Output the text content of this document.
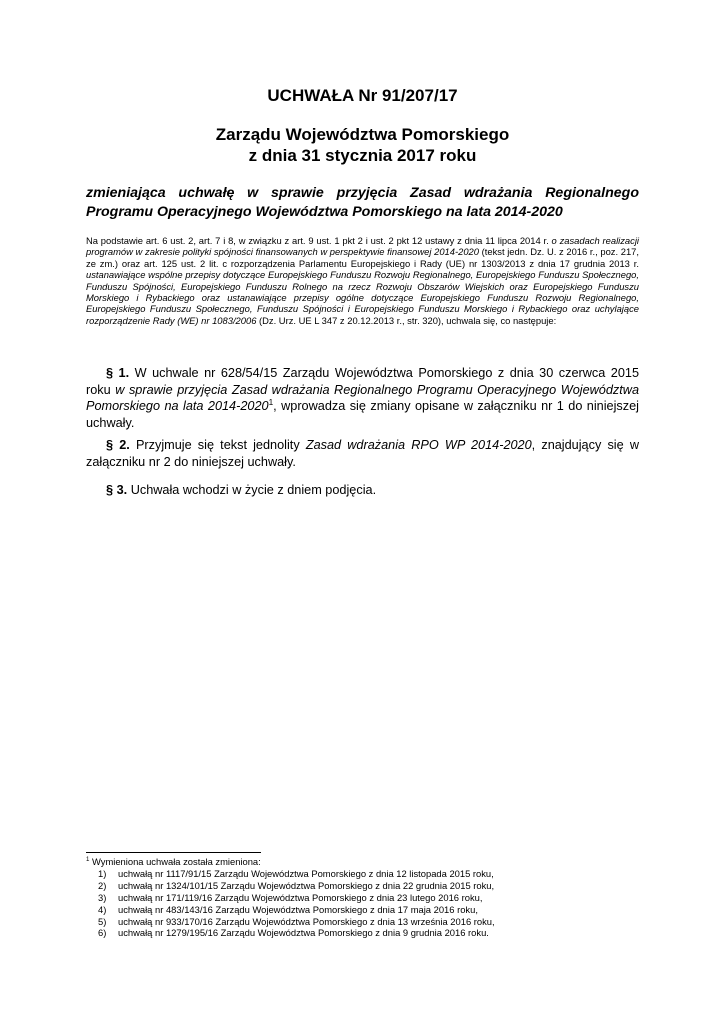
UCHWAŁA Nr 91/207/17
Zarządu Województwa Pomorskiego
z dnia 31 stycznia 2017 roku

zmieniająca uchwałę w sprawie przyjęcia Zasad wdrażania Regionalnego Programu Operacyjnego Województwa Pomorskiego na lata 2014-2020

Na podstawie art. 6 ust. 2, art. 7 i 8, w związku z art. 9 ust. 1 pkt 2 i ust. 2 pkt 12 ustawy z dnia 11 lipca 2014 r. o zasadach realizacji programów w zakresie polityki spójności finansowanych w perspektywie finansowej 2014-2020 (tekst jedn. Dz. U. z 2016 r., poz. 217, ze zm.) oraz art. 125 ust. 2 lit. c rozporządzenia Parlamentu Europejskiego i Rady (UE) nr 1303/2013 z dnia 17 grudnia 2013 r. ustanawiające wspólne przepisy dotyczące Europejskiego Funduszu Rozwoju Regionalnego, Europejskiego Funduszu Społecznego, Funduszu Spójności, Europejskiego Funduszu Rolnego na rzecz Rozwoju Obszarów Wiejskich oraz Europejskiego Funduszu Morskiego i Rybackiego oraz ustanawiające przepisy ogólne dotyczące Europejskiego Funduszu Rozwoju Regionalnego, Europejskiego Funduszu Społecznego, Funduszu Spójności i Europejskiego Funduszu Morskiego i Rybackiego oraz uchylające rozporządzenie Rady (WE) nr 1083/2006 (Dz. Urz. UE L 347 z 20.12.2013 r., str. 320), uchwala się, co następuje:

§ 1. W uchwale nr 628/54/15 Zarządu Województwa Pomorskiego z dnia 30 czerwca 2015 roku w sprawie przyjęcia Zasad wdrażania Regionalnego Programu Operacyjnego Województwa Pomorskiego na lata 2014-2020$^1$, wprowadza się zmiany opisane w załączniku nr 1 do niniejszej uchwały.

§ 2. Przyjmuje się tekst jednolity Zasad wdrażania RPO WP 2014-2020, znajdujący się w załączniku nr 2 do niniejszej uchwały.

§ 3. Uchwała wchodzi w życie z dniem podjęcia.

$^1$ Wymieniona uchwała została zmieniona:

1)	uchwałą nr 1117/91/15 Zarządu Województwa Pomorskiego z dnia 12 listopada 2015 roku,
2)	uchwałą nr 1324/101/15 Zarządu Województwa Pomorskiego z dnia 22 grudnia 2015 roku,
3)	uchwałą nr 171/119/16 Zarządu Województwa Pomorskiego z dnia 23 lutego 2016 roku,
4)	uchwałą nr 483/143/16 Zarządu Województwa Pomorskiego z dnia 17 maja 2016 roku,
5)	uchwałą nr 933/170/16 Zarządu Województwa Pomorskiego z dnia 13 września 2016 roku,
6)	uchwałą nr 1279/195/16 Zarządu Województwa Pomorskiego z dnia 9 grudnia 2016 roku.
